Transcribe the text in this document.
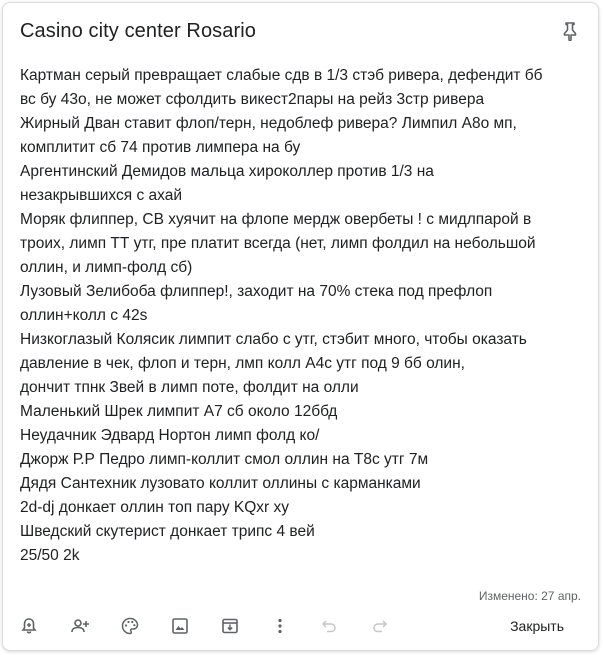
Casino city center Rosario
Картман серый превращает слабые сдв в 1/3 стэб ривера, дефендит бб
вс бу 43о, не может сфолдить викест2пары на рейз 3стр ривера
Жирный Дван ставит флоп/терн, недоблеф ривера? Лимпил А8о мп,
комплитит сб 74 против лимпера на бу
Аргентинский Демидов мальца хироколлер против 1/3 на
незакрывшихся с ахай
Моряк флиппер, СВ хуячит на флопе мердж овербеты ! с мидлпарой в
троих, лимп ТТ утг, пре платит всегда (нет, лимп фолдил на небольшой
оллин, и лимп-фолд сб)
Лузовый Зелибоба флиппер!, заходит на 70% стека под префлоп
оллин+колл с 42s
Низкоглазый Колясик лимпит слабо с утг, стэбит много, чтобы оказать
давление в чек, флоп и терн, лмп колл А4с утг под 9 бб олин,
дончит тпнк Звей в лимп поте, фолдит на олли
Маленький Шрек лимпит А7 сб около 12ббд
Неудачник Эдвард Нортон лимп фолд ко/
Джорж Р.Р Педро лимп-коллит смол оллин на Т8с утг 7м
Дядя Сантехник лузовато коллит оллины с карманками
2d-dj донкает оллин топ пару KQxr ху
Шведский скутерист донкает трипс 4 вей
25/50 2k
Изменено: 27 апр.
Закрыть
